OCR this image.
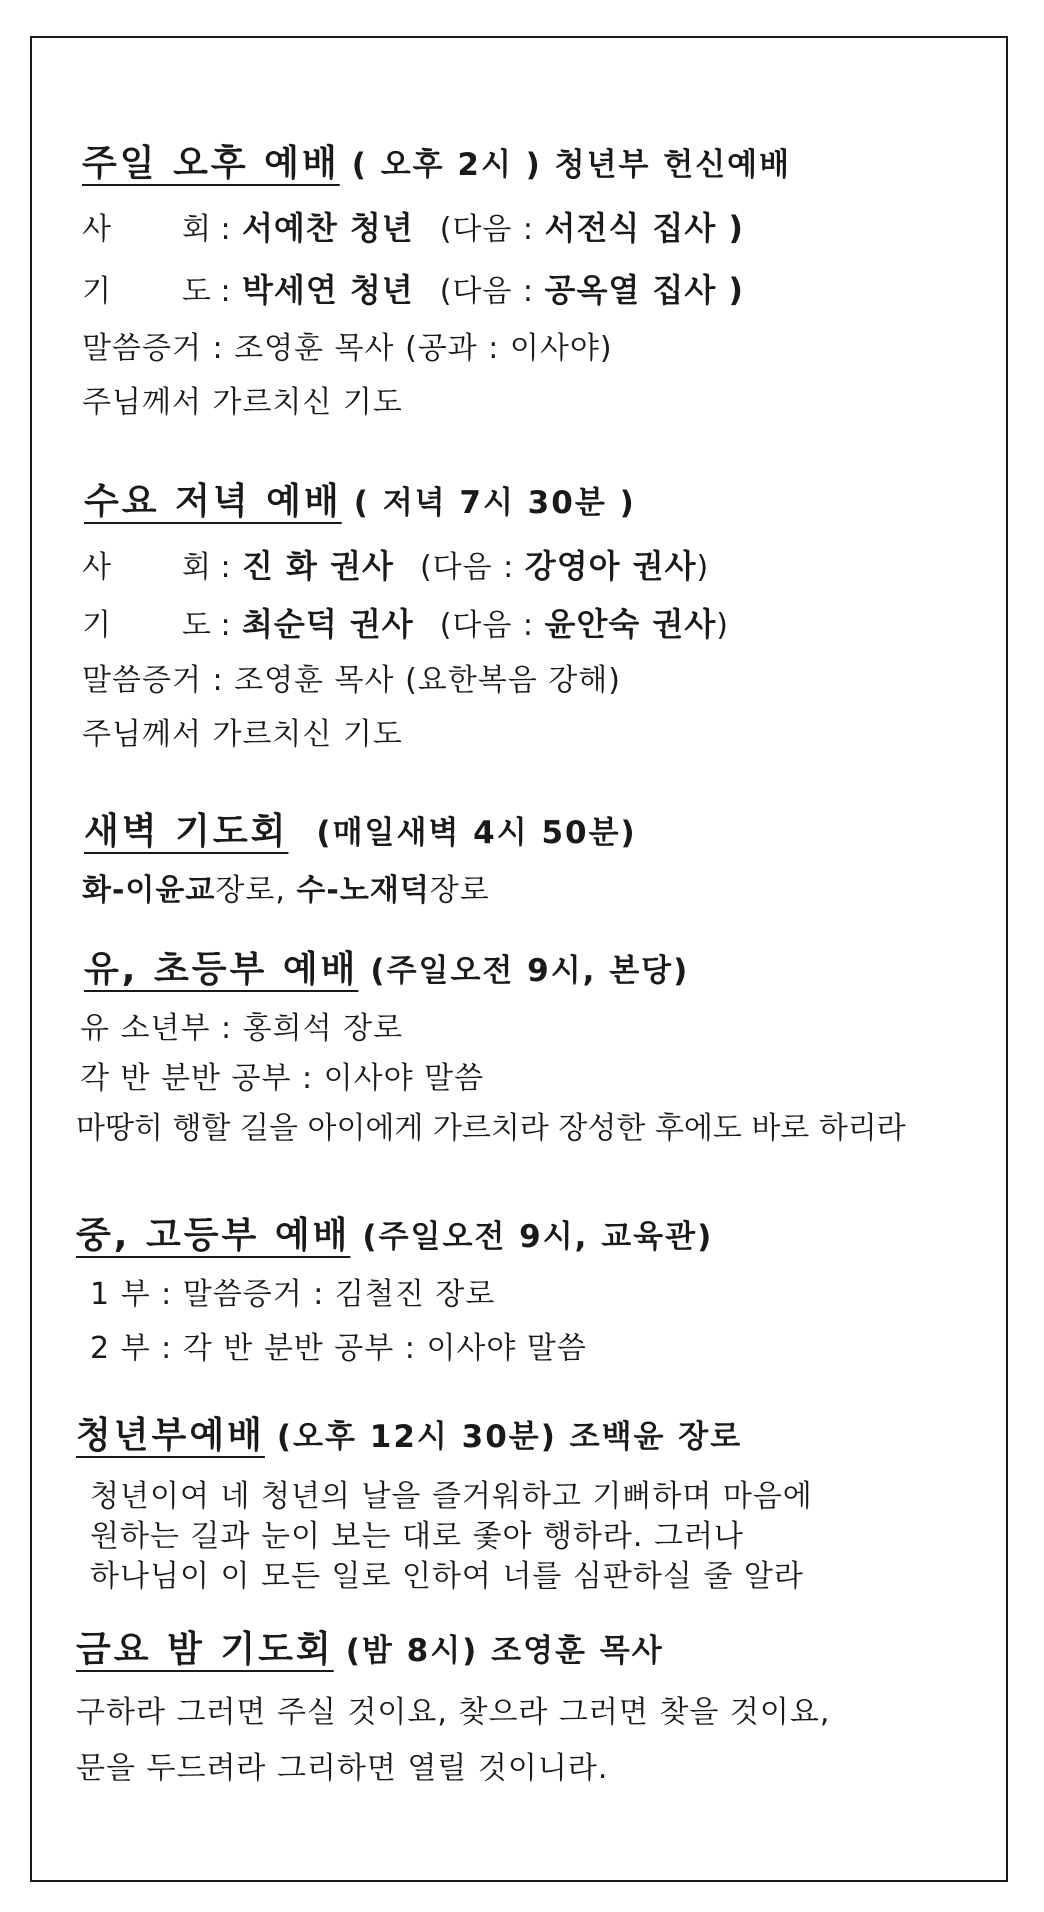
주일 오후 예배 ( 오후 2시 ) 청년부 헌신예배
사 회 : 서예찬 청년 (다음 : 서전식 집사 )
기 도 : 박세연 청년 (다음 : 공옥열 집사 )
말씀증거 : 조영훈 목사 (공과 : 이사야)
주님께서 가르치신 기도
수요 저녁 예배 ( 저녁 7시 30분 )
사 회 : 진 화 권사 (다음 : 강영아 권사)
기 도 : 최순덕 권사 (다음 : 윤안숙 권사)
말씀증거 : 조영훈 목사 (요한복음 강해)
주님께서 가르치신 기도
새벽 기도회 (매일새벽 4시 50분)
화-이윤교장로, 수-노재덕장로
유, 초등부 예배 (주일오전 9시, 본당)
유 소년부 : 홍희석 장로
각 반 분반 공부 : 이사야 말씀
마땅히 행할 길을 아이에게 가르치라 장성한 후에도 바로 하리라
중, 고등부 예배 (주일오전 9시, 교육관)
1 부 : 말씀증거 : 김철진 장로
2 부 : 각 반 분반 공부 : 이사야 말씀
청년부예배 (오후 12시 30분) 조백윤 장로
청년이여 네 청년의 날을 즐거워하고 기뻐하며 마음에
원하는 길과 눈이 보는 대로 좇아 행하라. 그러나
하나님이 이 모든 일로 인하여 너를 심판하실 줄 알라
금요 밤 기도회 (밤 8시) 조영훈 목사
구하라 그러면 주실 것이요, 찾으라 그러면 찾을 것이요,
문을 두드려라 그리하면 열릴 것이니라.
